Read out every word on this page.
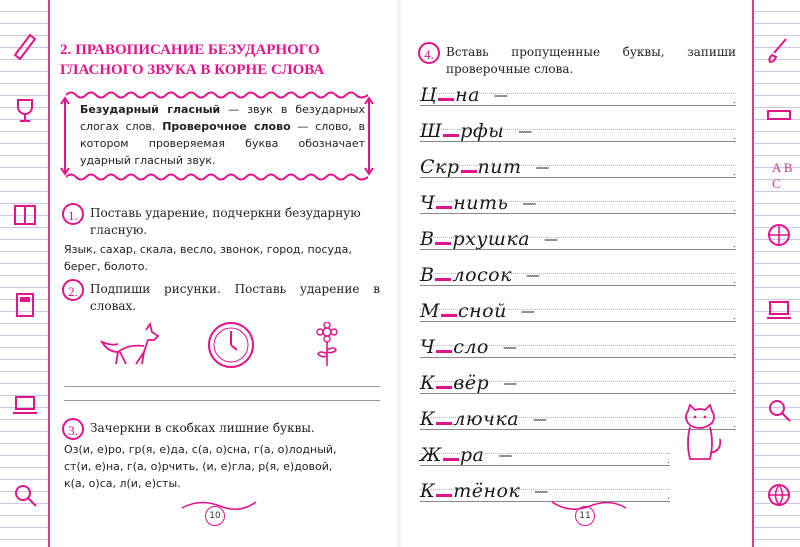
A B C
2. ПРАВОПИСАНИЕ БЕЗУДАРНОГО ГЛАСНОГО ЗВУКА В КОРНЕ СЛОВА
Безударный гласный — звук в безударных слогах слов. Проверочное слово — слово, в котором проверяемая буква обозначает ударный гласный звук.
1.	Поставь ударение, подчеркни безударную гласную.
Язык, сахар, скала, весло, звонок, город, посуда, берег, болото.
2.	Подпиши рисунки. Поставь ударение в словах.
3.	Зачеркни в скобках лишние буквы.
Оз(и, е)ро, гр(я, е)да, с(а, о)сна, г(а, о)лодный,
ст(и, е)на, г(а, о)рчить, (и, е)гла, р(я, е)довой,
к(а, о)са, л(и, е)сты.
10
4.	Вставь пропущенные буквы, запиши проверочные слова.
Ц на —	.
Ш рфы —	.
Скр пит —	.
Ч нить —	.
В рхушка —	.
В лосок —	.
М сной —	.
Ч сло —	.
К вёр —	.
К лючка —	.
Ж ра —	.
К тёнок —	.
11
